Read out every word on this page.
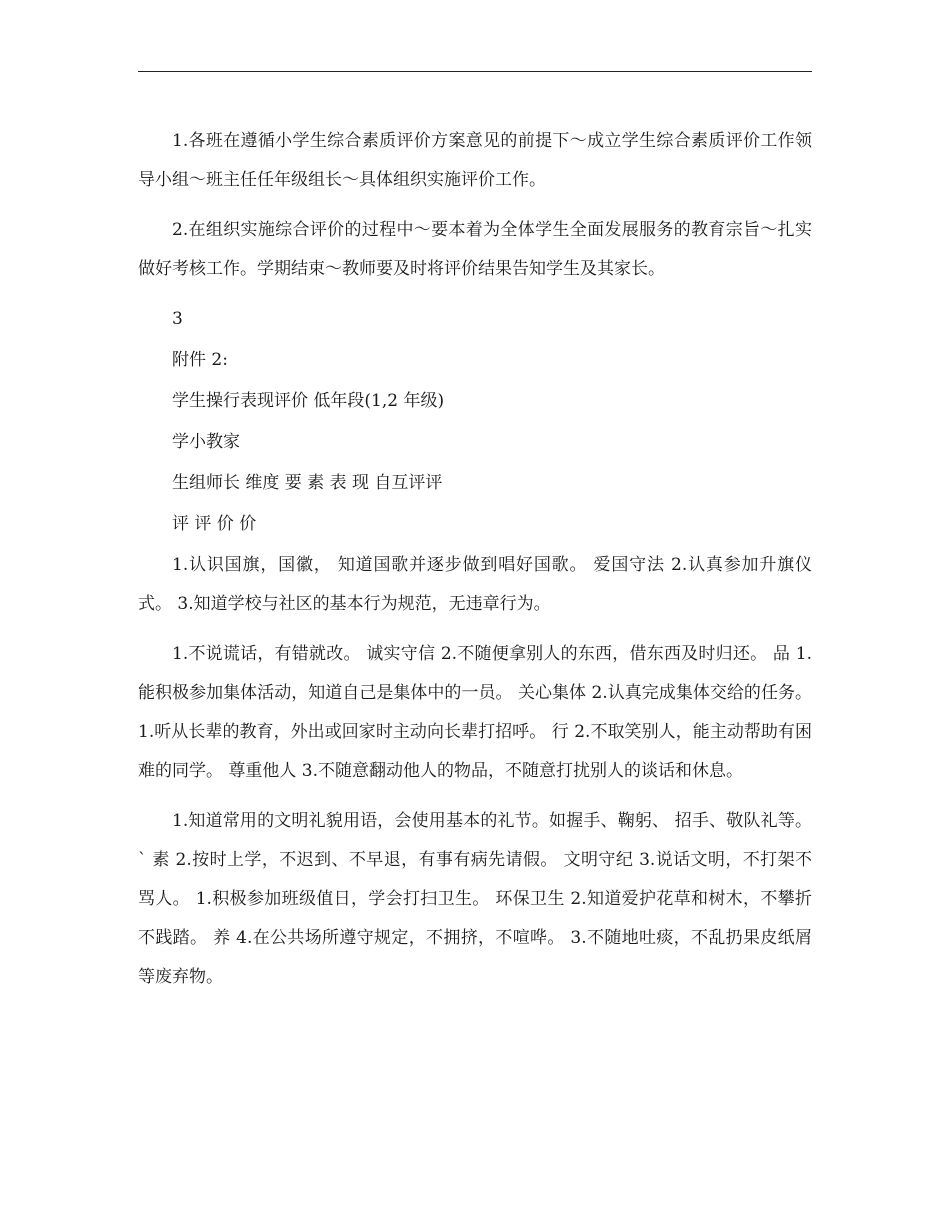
1.各班在遵循小学生综合素质评价方案意见的前提下～成立学生综合素质评价工作领导小组～班主任任年级组长～具体组织实施评价工作。

2.在组织实施综合评价的过程中～要本着为全体学生全面发展服务的教育宗旨～扎实做好考核工作。学期结束～教师要及时将评价结果告知学生及其家长。

3

附件 2:

学生操行表现评价 低年段(1,2 年级)

学小教家

生组师长 维度 要 素 表 现 自互评评

评 评 价 价

1.认识国旗，国徽， 知道国歌并逐步做到唱好国歌。 爱国守法 2.认真参加升旗仪式。 3.知道学校与社区的基本行为规范，无违章行为。

1.不说谎话，有错就改。 诚实守信 2.不随便拿别人的东西，借东西及时归还。 品 1.能积极参加集体活动，知道自己是集体中的一员。 关心集体 2.认真完成集体交给的任务。 1.听从长辈的教育，外出或回家时主动向长辈打招呼。 行 2.不取笑别人，能主动帮助有困难的同学。 尊重他人 3.不随意翻动他人的物品，不随意打扰别人的谈话和休息。

1.知道常用的文明礼貌用语，会使用基本的礼节。如握手、鞠躬、 招手、敬队礼等。` 素 2.按时上学，不迟到、不早退，有事有病先请假。 文明守纪 3.说话文明，不打架不骂人。 1.积极参加班级值日，学会打扫卫生。 环保卫生 2.知道爱护花草和树木，不攀折不践踏。 养 4.在公共场所遵守规定，不拥挤，不喧哗。 3.不随地吐痰，不乱扔果皮纸屑等废弃物。
